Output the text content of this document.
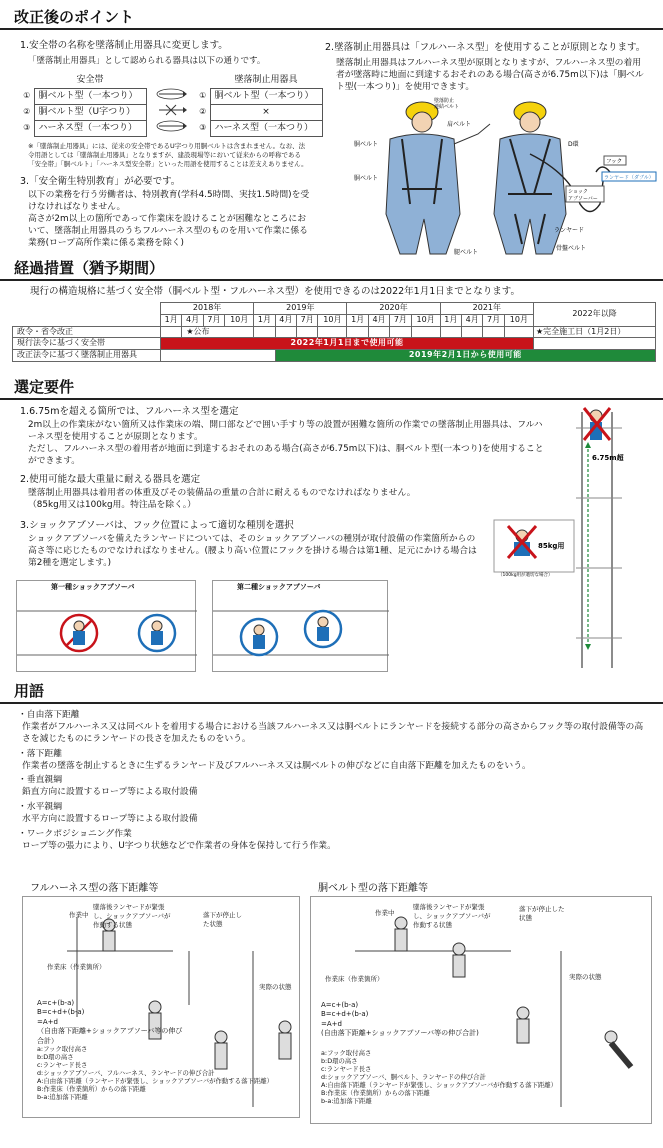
改正後のポイント
1.安全帯の名称を墜落制止用器具に変更します。
「墜落制止用器具」として認められる器具は以下の通りです。
	安全帯			墜落制止用器具
①	胴ベルト型（一本つり）		①	胴ベルト型（一本つり）
②	胴ベルト型（U字つり）		②	×
③	ハーネス型（一本つり）		③	ハーネス型（一本つり）
※「墜落制止用器具」には、従来の安全帯であるU字つり用胴ベルトは含まれません。なお、法令用語としては「墜落制止用器具」となりますが、建設現場等において従来からの呼称である「安全帯」「胴ベルト」「ハーネス型安全帯」といった用語を使用することは差支えありません。
3.「安全衛生特別教育」が必要です。
以下の業務を行う労働者は、特別教育(学科4.5時間、実技1.5時間)を受けなければなりません。
高さが2m以上の箇所であって作業床を設けることが困難なところにおいて、墜落制止用器具のうちフルハーネス型のものを用いて作業に係る業務(ロープ高所作業に係る業務を除く)
2.墜落制止用器具は「フルハーネス型」を使用することが原則となります。
墜落制止用器具はフルハーネス型が原則となりますが、フルハーネス型の着用者が墜落時に地面に到達するおそれのある場合(高さが6.75m以下)は「胴ベルト型(一本つり)」を使用できます。
墜落防止
連結ベルト
肩ベルト
胴ベルト
胴ベルト
腿ベルト
D環
フック
ランヤード（ダブル）
ショック
アブソーバー
ランヤード
骨盤ベルト
経過措置（猶予期間）
現行の構造規格に基づく安全帯（胴ベルト型・フルハーネス型）を使用できるのは2022年1月1日までとなります。
	2018年				2019年				2020年				2021年				2022年以降
	1月	4月	7月	10月	1月	4月	7月	10月	1月	4月	7月	10月	1月	4月	7月	10月	
政令・省令改正		★公布															★完全施工日（1月2日）
現行法令に基づく安全帯	2022年1月1日まで使用可能																
改正法令に基づく墜落制止用器具						2019年2月1日から使用可能											
選定要件
1.6.75mを超える箇所では、フルハーネス型を選定
2m以上の作業床がない箇所又は作業床の端、開口部などで囲い手すり等の設置が困難な箇所の作業での墜落制止用器具は、フルハーネス型を使用することが原則となります。
ただし、フルハーネス型の着用者が地面に到達するおそれのある場合(高さが6.75m以下)は、胴ベルト型(一本つり)を使用することができます。
2.使用可能な最大重量に耐える器具を選定
墜落制止用器具は着用者の体重及びその装備品の重量の合計に耐えるものでなければなりません。
（85kg用又は100kg用。特注品を除く。）
3.ショックアブソーバは、フック位置によって適切な種別を選択
ショックアブソーバを備えたランヤードについては、そのショックアブソーバの種別が取付設備の作業箇所からの高さ等に応じたものでなければなりません。(腰より高い位置にフックを掛ける場合は第1種、足元にかける場合は第2種を選定します。)
6.75m超
85kg用
（100kg用が適切な場合）
第一種ショックアブソーバ	第二種ショックアブソーバ
用語
・自由落下距離
作業者がフルハーネス又は同ベルトを着用する場合における当該フルハーネス又は胴ベルトにランヤードを接続する部分の高さからフック等の取付設備等の高さを減じたものにランヤードの長さを加えたものをいう。
・落下距離
作業者の墜落を制止するときに生ずるランヤード及びフルハーネス又は胴ベルトの伸びなどに自由落下距離を加えたものをいう。
・垂直親綱
鉛直方向に設置するロープ等による取付設備
・水平親綱
水平方向に設置するロープ等による取付設備
・ワークポジショニング作業
ロープ等の張力により、U字つり状態などで作業者の身体を保持して行う作業。
フルハーネス型の落下距離等	胴ベルト型の落下距離等
墜落後ランヤードが緊張し、ショックアブソーバが作動する状態
作業中	落下が停止した状態
作業床（作業箇所）
実際の状態
A=c+(b-a)
B=c+d+(b-a)
=A+d
（自由落下距離+ショックアブソーバ等の伸び合計）
a:フック取付高さ
b:D環の高さ
c:ランヤード長さ
d:ショックアブソーバ、フルハーネス、ランヤードの伸び合計
A:自由落下距離（ランヤードが緊張し、ショックアブソーバが作動する落下距離）
B:作業床（作業箇所）からの落下距離
b-a:追加落下距離
作業中
墜落後ランヤードが緊張し、ショックアブソーバが作動する状態
落下が停止した状態
作業床（作業箇所）	実際の状態
A=c+(b-a)
B=c+d+(b-a)
=A+d
(自由落下距離+ショックアブソーバ等の伸び合計)
a:フック取付高さ
b:D環の高さ
c:ランヤード長さ
d:ショックアブソーバ、胴ベルト、ランヤードの伸び合計
A:自由落下距離（ランヤードが緊張し、ショックアブソーバが作動する落下距離）
B:作業床（作業箇所）からの落下距離
b-a:追加落下距離
